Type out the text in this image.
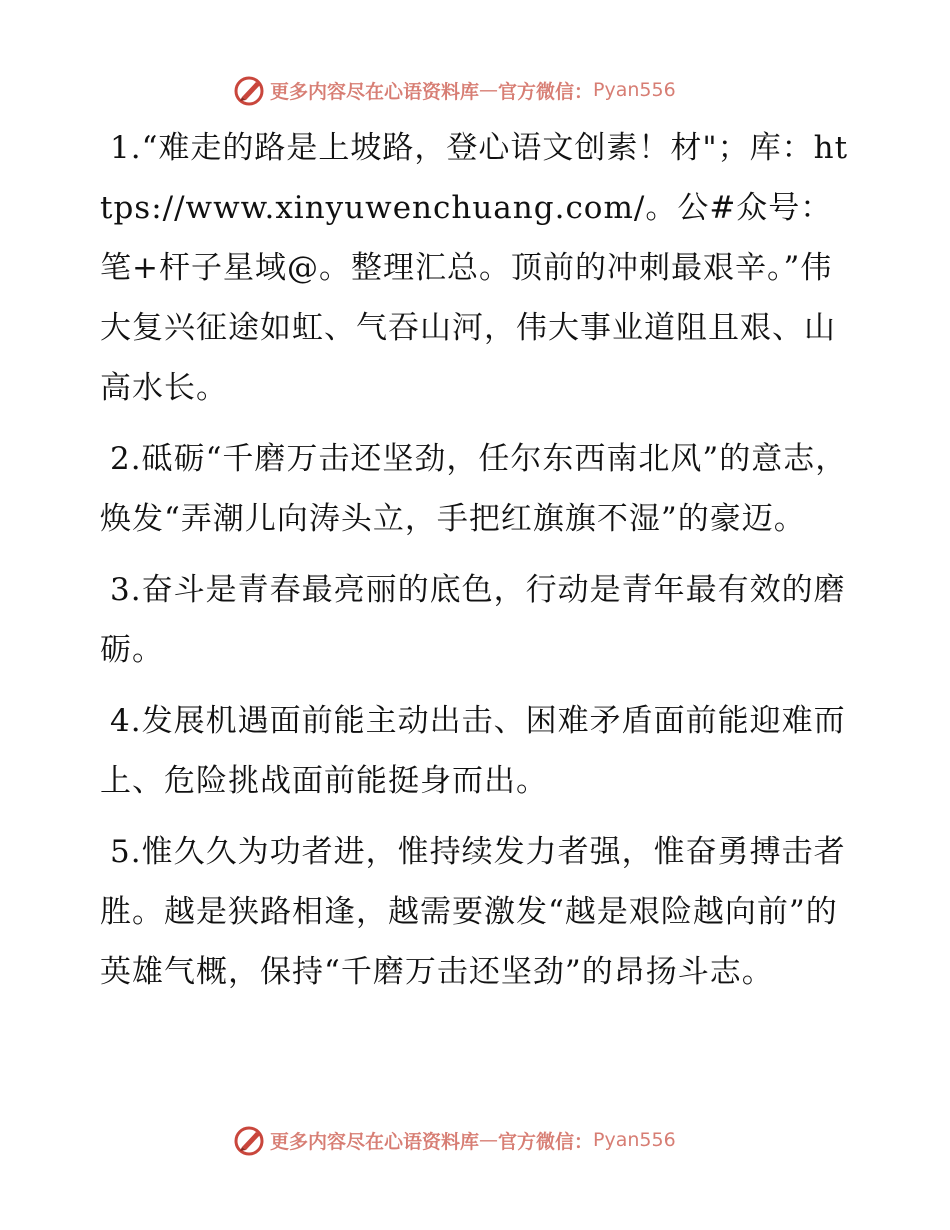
更多内容尽在心语资料库 — 官方微信： Pyan556

1.“难走的路是上坡路，登心语文创素！材"；库：https://www.xinyuwenchuang.com/。公#众号：笔+杆子星域@。整理汇总。顶前的冲刺最艰辛。”伟大复兴征途如虹、气吞山河，伟大事业道阻且艰、山高水长。

2.砥砺“千磨万击还坚劲，任尔东西南北风”的意志，焕发“弄潮儿向涛头立，手把红旗旗不湿”的豪迈。

3.奋斗是青春最亮丽的底色，行动是青年最有效的磨砺。

4.发展机遇面前能主动出击、困难矛盾面前能迎难而上、危险挑战面前能挺身而出。

5.惟久久为功者进，惟持续发力者强，惟奋勇搏击者胜。越是狭路相逢，越需要激发“越是艰险越向前”的英雄气概，保持“千磨万击还坚劲”的昂扬斗志。

更多内容尽在心语资料库 — 官方微信： Pyan556
